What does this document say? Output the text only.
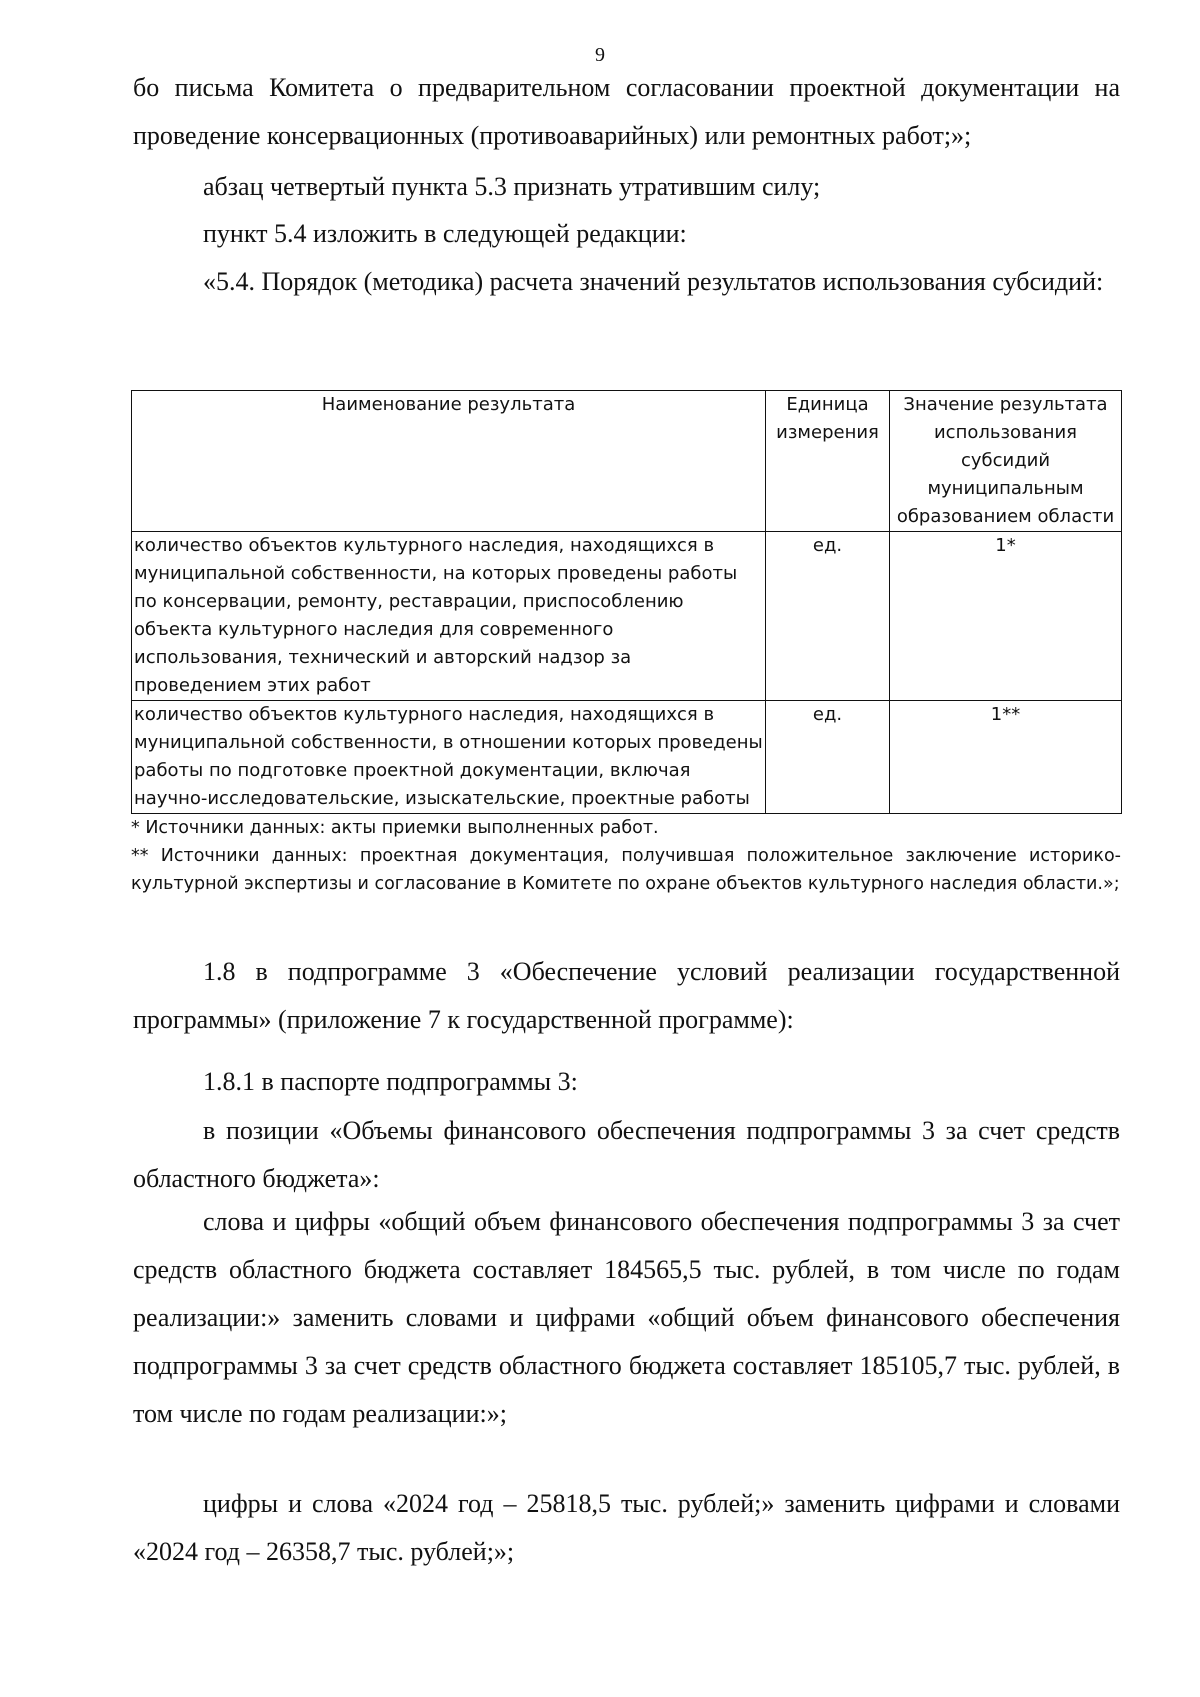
9

бо письма Комитета о предварительном согласовании проектной документации на проведение консервационных (противоаварийных) или ремонтных работ;»;

абзац четвертый пункта 5.3 признать утратившим силу;

пункт 5.4 изложить в следующей редакции:

«5.4. Порядок (методика) расчета значений результатов использования субсидий:

Наименование результата	Единица измерения	Значение результата использования субсидий муниципальным образованием области
количество объектов культурного наследия, находящихся в муниципальной собственности, на которых проведены работы по консервации, ремонту, реставрации, приспособлению объекта культурного наследия для современного использования, технический и авторский надзор за проведением этих работ	ед.	1*
количество объектов культурного наследия, находящихся в муниципальной собственности, в отношении которых проведены работы по подготовке проектной документации, включая научно-исследовательские, изыскательские, проектные работы	ед.	1**

* Источники данных: акты приемки выполненных работ.

** Источники данных: проектная документация, получившая положительное заключение историко-культурной экспертизы и согласование в Комитете по охране объектов культурного наследия области.»;

1.8 в подпрограмме 3 «Обеспечение условий реализации государственной программы» (приложение 7 к государственной программе):

1.8.1 в паспорте подпрограммы 3:

в позиции «Объемы финансового обеспечения подпрограммы 3 за счет средств областного бюджета»:

слова и цифры «общий объем финансового обеспечения подпрограммы 3 за счет средств областного бюджета составляет 184565,5 тыс. рублей, в том числе по годам реализации:» заменить словами и цифрами «общий объем финансового обеспечения подпрограммы 3 за счет средств областного бюджета составляет 185105,7 тыс. рублей, в том числе по годам реализации:»;

цифры и слова «2024 год – 25818,5 тыс. рублей;» заменить цифрами и словами «2024 год – 26358,7 тыс. рублей;»;
